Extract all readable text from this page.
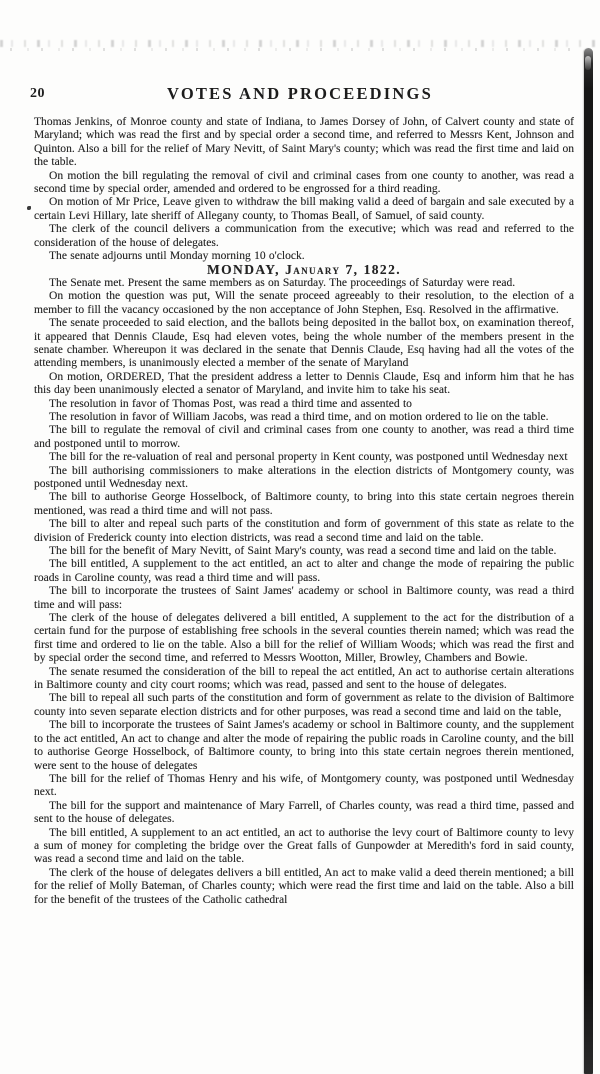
20	VOTES AND PROCEEDINGS

Thomas Jenkins, of Monroe county and state of Indiana, to James Dorsey of John, of Calvert county and state of Maryland; which was read the first and by special order a second time, and referred to Messrs Kent, Johnson and Quinton. Also a bill for the relief of Mary Nevitt, of Saint Mary's county; which was read the first time and laid on the table.

On motion the bill regulating the removal of civil and criminal cases from one county to another, was read a second time by special order, amended and ordered to be engrossed for a third reading.

On motion of Mr Price, Leave given to withdraw the bill making valid a deed of bargain and sale executed by a certain Levi Hillary, late sheriff of Allegany county, to Thomas Beall, of Samuel, of said county.

The clerk of the council delivers a communication from the executive; which was read and referred to the consideration of the house of delegates.

The senate adjourns until Monday morning 10 o'clock.

MONDAY, January 7, 1822.

The Senate met. Present the same members as on Saturday. The proceedings of Saturday were read.

On motion the question was put, Will the senate proceed agreeably to their resolution, to the election of a member to fill the vacancy occasioned by the non acceptance of John Stephen, Esq. Resolved in the affirmative.

The senate proceeded to said election, and the ballots being deposited in the ballot box, on examination thereof, it appeared that Dennis Claude, Esq had eleven votes, being the whole number of the members present in the senate chamber. Whereupon it was declared in the senate that Dennis Claude, Esq having had all the votes of the attending members, is unanimously elected a member of the senate of Maryland

On motion, ORDERED, That the president address a letter to Dennis Claude, Esq and inform him that he has this day been unanimously elected a senator of Maryland, and invite him to take his seat.

The resolution in favor of Thomas Post, was read a third time and assented to

The resolution in favor of William Jacobs, was read a third time, and on motion ordered to lie on the table.

The bill to regulate the removal of civil and criminal cases from one county to another, was read a third time and postponed until to morrow.

The bill for the re-valuation of real and personal property in Kent county, was postponed until Wednesday next

The bill authorising commissioners to make alterations in the election districts of Montgomery county, was postponed until Wednesday next.

The bill to authorise George Hosselbock, of Baltimore county, to bring into this state certain negroes therein mentioned, was read a third time and will not pass.

The bill to alter and repeal such parts of the constitution and form of government of this state as relate to the division of Frederick county into election districts, was read a second time and laid on the table.

The bill for the benefit of Mary Nevitt, of Saint Mary's county, was read a second time and laid on the table.

The bill entitled, A supplement to the act entitled, an act to alter and change the mode of repairing the public roads in Caroline county, was read a third time and will pass.

The bill to incorporate the trustees of Saint James' academy or school in Baltimore county, was read a third time and will pass:

The clerk of the house of delegates delivered a bill entitled, A supplement to the act for the distribution of a certain fund for the purpose of establishing free schools in the several counties therein named; which was read the first time and ordered to lie on the table. Also a bill for the relief of William Woods; which was read the first and by special order the second time, and referred to Messrs Wootton, Miller, Browley, Chambers and Bowie.

The senate resumed the consideration of the bill to repeal the act entitled, An act to authorise certain alterations in Baltimore county and city court rooms; which was read, passed and sent to the house of delegates.

The bill to repeal all such parts of the constitution and form of government as relate to the division of Baltimore county into seven separate election districts and for other purposes, was read a second time and laid on the table,

The bill to incorporate the trustees of Saint James's academy or school in Baltimore county, and the supplement to the act entitled, An act to change and alter the mode of repairing the public roads in Caroline county, and the bill to authorise George Hosselbock, of Baltimore county, to bring into this state certain negroes therein mentioned, were sent to the house of delegates

The bill for the relief of Thomas Henry and his wife, of Montgomery county, was postponed until Wednesday next.

The bill for the support and maintenance of Mary Farrell, of Charles county, was read a third time, passed and sent to the house of delegates.

The bill entitled, A supplement to an act entitled, an act to authorise the levy court of Baltimore county to levy a sum of money for completing the bridge over the Great falls of Gunpowder at Meredith's ford in said county, was read a second time and laid on the table.

The clerk of the house of delegates delivers a bill entitled, An act to make valid a deed therein mentioned; a bill for the relief of Molly Bateman, of Charles county; which were read the first time and laid on the table. Also a bill for the benefit of the trustees of the Catholic cathedral
